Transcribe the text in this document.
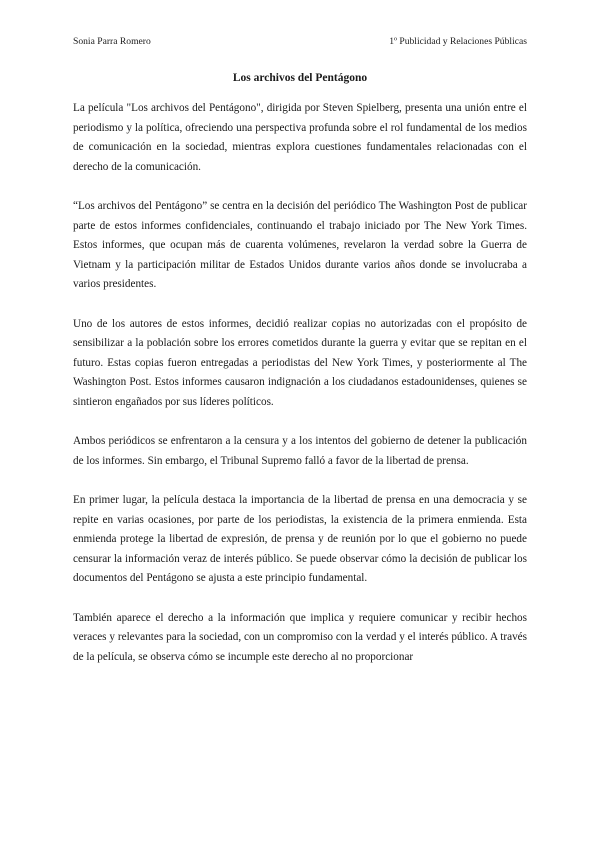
Sonia Parra Romero	1º Publicidad y Relaciones Públicas
Los archivos del Pentágono

La película "Los archivos del Pentágono", dirigida por Steven Spielberg, presenta una unión entre el periodismo y la política, ofreciendo una perspectiva profunda sobre el rol fundamental de los medios de comunicación en la sociedad, mientras explora cuestiones fundamentales relacionadas con el derecho de la comunicación.

“Los archivos del Pentágono” se centra en la decisión del periódico The Washington Post de publicar parte de estos informes confidenciales, continuando el trabajo iniciado por The New York Times. Estos informes, que ocupan más de cuarenta volúmenes, revelaron la verdad sobre la Guerra de Vietnam y la participación militar de Estados Unidos durante varios años donde se involucraba a varios presidentes.

Uno de los autores de estos informes, decidió realizar copias no autorizadas con el propósito de sensibilizar a la población sobre los errores cometidos durante la guerra y evitar que se repitan en el futuro. Estas copias fueron entregadas a periodistas del New York Times, y posteriormente al The Washington Post. Estos informes causaron indignación a los ciudadanos estadounidenses, quienes se sintieron engañados por sus líderes políticos.

Ambos periódicos se enfrentaron a la censura y a los intentos del gobierno de detener la publicación de los informes. Sin embargo, el Tribunal Supremo falló a favor de la libertad de prensa.

En primer lugar, la película destaca la importancia de la libertad de prensa en una democracia y se repite en varias ocasiones, por parte de los periodistas, la existencia de la primera enmienda. Esta enmienda protege la libertad de expresión, de prensa y de reunión por lo que el gobierno no puede censurar la información veraz de interés público. Se puede observar cómo la decisión de publicar los documentos del Pentágono se ajusta a este principio fundamental.

También aparece el derecho a la información que implica y requiere comunicar y recibir hechos veraces y relevantes para la sociedad, con un compromiso con la verdad y el interés público. A través de la película, se observa cómo se incumple este derecho al no proporcionar
